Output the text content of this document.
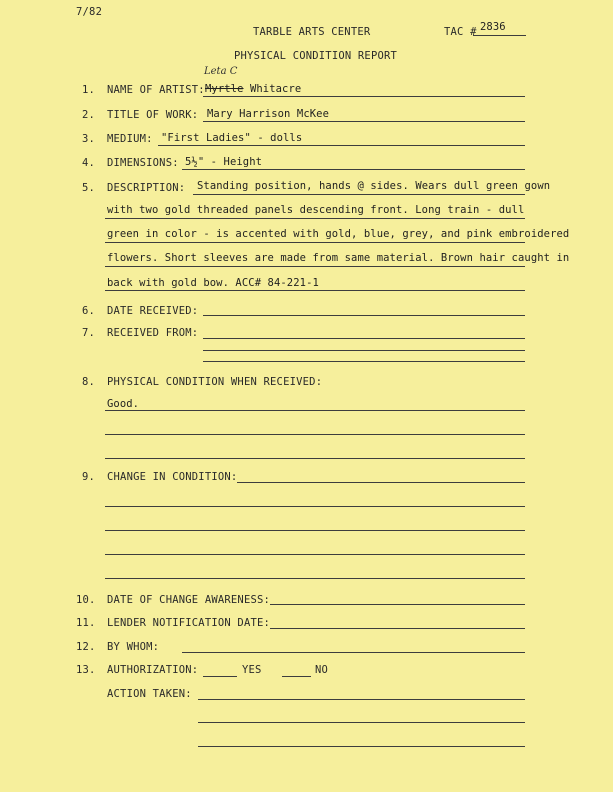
7/82
TARBLE ARTS CENTER	TAC # 2836
PHYSICAL CONDITION REPORT
1. NAME OF ARTIST:
Leta C
Myrtle Whitacre
2. TITLE OF WORK: Mary Harrison McKee
3. MEDIUM: "First Ladies" - dolls
4. DIMENSIONS: 5½" - Height
5. DESCRIPTION: Standing position, hands @ sides. Wears dull green gown
with two gold threaded panels descending front. Long train - dull
green in color - is accented with gold, blue, grey, and pink embroidered
flowers. Short sleeves are made from same material. Brown hair caught in
back with gold bow. ACC# 84-221-1
6. DATE RECEIVED:
7. RECEIVED FROM:
8. PHYSICAL CONDITION WHEN RECEIVED:
Good.
9. CHANGE IN CONDITION:
10. DATE OF CHANGE AWARENESS:
11. LENDER NOTIFICATION DATE:
12. BY WHOM:
13. AUTHORIZATION:	YES	NO
ACTION TAKEN:
